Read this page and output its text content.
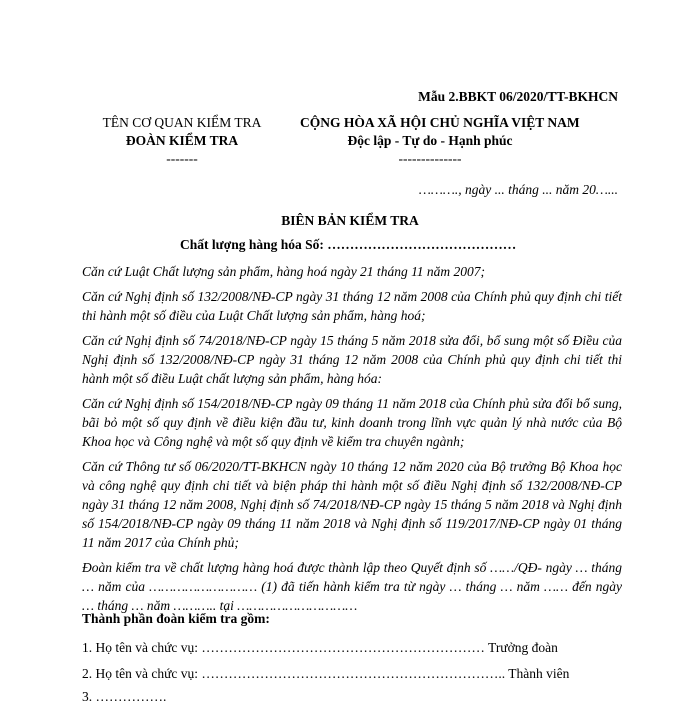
Mẫu 2.BBKT 06/2020/TT-BKHCN
TÊN CƠ QUAN KIỂM TRA
ĐOÀN KIỂM TRA
-------
CỘNG HÒA XÃ HỘI CHỦ NGHĨA VIỆT NAM
Độc lập - Tự do - Hạnh phúc
--------------
………., ngày ... tháng ... năm 20…...
BIÊN BẢN KIỂM TRA
Chất lượng hàng hóa Số: ……………………………………

Căn cứ Luật Chất lượng sản phẩm, hàng hoá ngày 21 tháng 11 năm 2007;

Căn cứ Nghị định số 132/2008/NĐ-CP ngày 31 tháng 12 năm 2008 của Chính phủ quy định chi tiết thi hành một số điều của Luật Chất lượng sản phẩm, hàng hoá;

Căn cứ Nghị định số 74/2018/NĐ-CP ngày 15 tháng 5 năm 2018 sửa đổi, bổ sung một số Điều của Nghị định số 132/2008/NĐ-CP ngày 31 tháng 12 năm 2008 của Chính phủ quy định chi tiết thi hành một số điều Luật chất lượng sản phẩm, hàng hóa:

Căn cứ Nghị định số 154/2018/NĐ-CP ngày 09 tháng 11 năm 2018 của Chính phủ sửa đổi bổ sung, bãi bỏ một số quy định về điều kiện đầu tư, kinh doanh trong lĩnh vực quản lý nhà nước của Bộ Khoa học và Công nghệ và một số quy định về kiểm tra chuyên ngành;

Căn cứ Thông tư số 06/2020/TT-BKHCN ngày 10 tháng 12 năm 2020 của Bộ trưởng Bộ Khoa học và công nghệ quy định chi tiết và biện pháp thi hành một số điều Nghị định số 132/2008/NĐ-CP ngày 31 tháng 12 năm 2008, Nghị định số 74/2018/NĐ-CP ngày 15 tháng 5 năm 2018 và Nghị định số 154/2018/NĐ-CP ngày 09 tháng 11 năm 2018 và Nghị định số 119/2017/NĐ-CP ngày 01 tháng 11 năm 2017 của Chính phủ;

Đoàn kiểm tra về chất lượng hàng hoá được thành lập theo Quyết định số ……/QĐ- ngày … tháng … năm của ……………………… (1) đã tiến hành kiểm tra từ ngày … tháng … năm …… đến ngày … tháng … năm ……….. tại …………………………

Thành phần đoàn kiểm tra gồm:
1. Họ tên và chức vụ: ……………………………………………………… Trưởng đoàn
2. Họ tên và chức vụ: ………………………………………………………….. Thành viên
3. …………….
